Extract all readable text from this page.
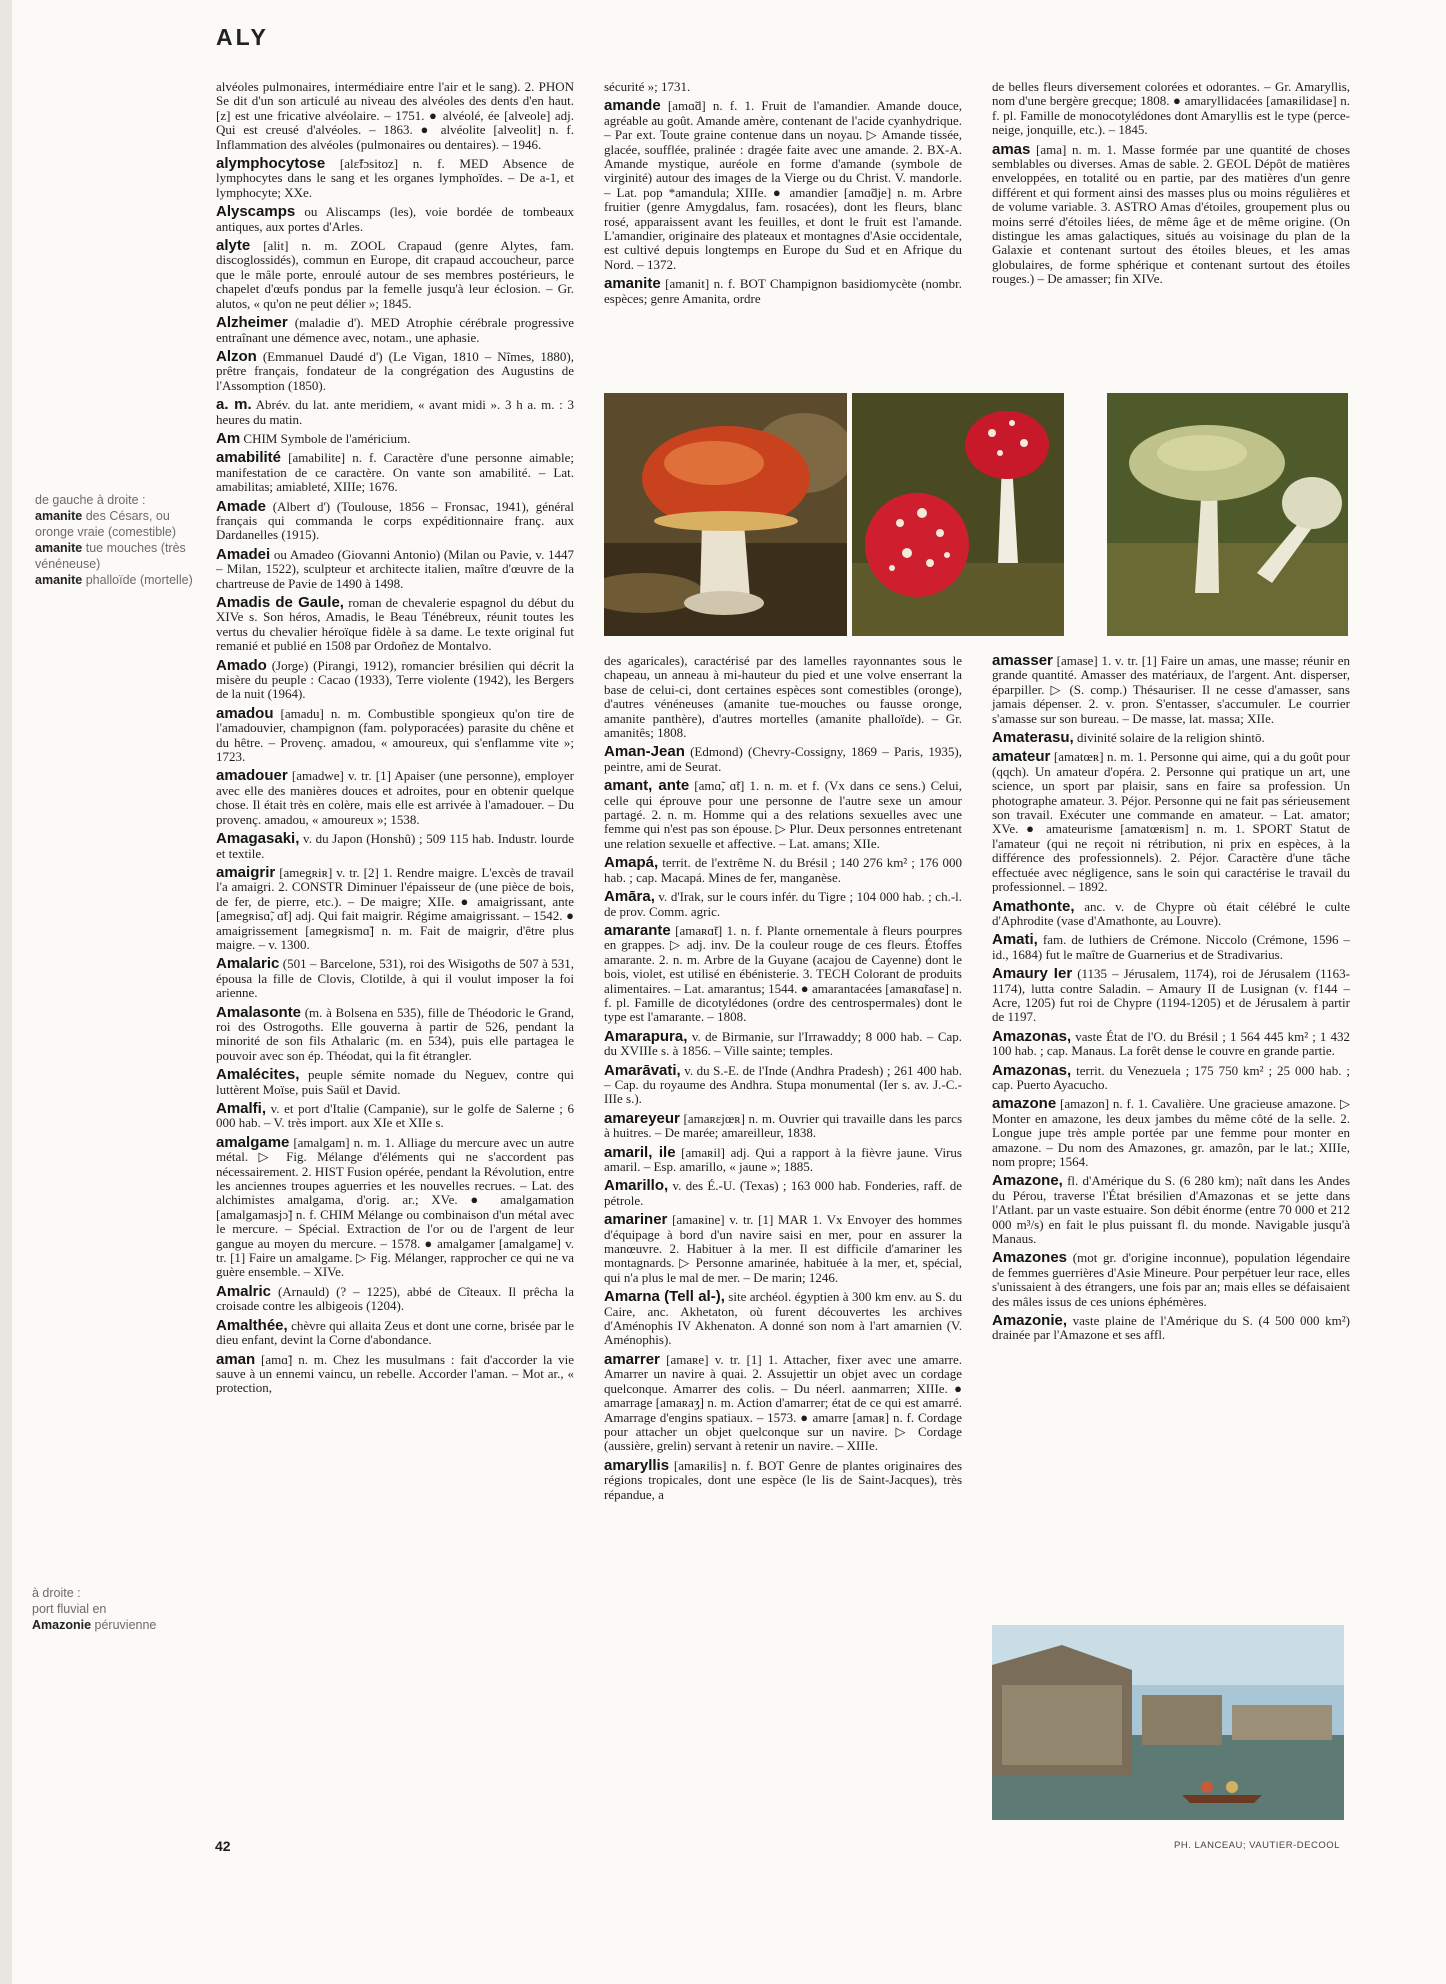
ALY
de gauche à droite :
amanite des Césars, ou oronge vraie (comestible)
amanite tue mouches (très vénéneuse)
amanite phalloïde (mortelle)
à droite :
port fluvial en
Amazonie péruvienne
alvéoles pulmonaires, intermédiaire entre l'air et le sang). 2. PHON Se dit d'un son articulé au niveau des alvéoles des dents d'en haut. [z] est une fricative alvéolaire. – 1751. ● alvéolé, ée [alveole] adj. Qui est creusé d'alvéoles. – 1863. ● alvéolite [alveolit] n. f. Inflammation des alvéoles (pulmonaires ou dentaires). – 1946.
alymphocytose [alɛ̃fɔsitoz] n. f. MED Absence de lymphocytes dans le sang et les organes lymphoïdes. – De a-1, et lymphocyte; XXe.
Alyscamps ou Aliscamps (les), voie bordée de tombeaux antiques, aux portes d'Arles.
alyte [alit] n. m. ZOOL Crapaud (genre Alytes, fam. discoglossidés), commun en Europe, dit crapaud accoucheur, parce que le mâle porte, enroulé autour de ses membres postérieurs, le chapelet d'œufs pondus par la femelle jusqu'à leur éclosion. – Gr. alutos, « qu'on ne peut délier »; 1845.
Alzheimer (maladie d'). MED Atrophie cérébrale progressive entraînant une démence avec, notam., une aphasie.
Alzon (Emmanuel Daudé d') (Le Vigan, 1810 – Nîmes, 1880), prêtre français, fondateur de la congrégation des Augustins de l'Assomption (1850).
a. m. Abrév. du lat. ante meridiem, « avant midi ». 3 h a. m. : 3 heures du matin.
Am CHIM Symbole de l'américium.
amabilité [amabilite] n. f. Caractère d'une personne aimable; manifestation de ce caractère. On vante son amabilité. – Lat. amabilitas; amiableté, XIIIe; 1676.
Amade (Albert d') (Toulouse, 1856 – Fronsac, 1941), général français qui commanda le corps expéditionnaire franç. aux Dardanelles (1915).
Amadei ou Amadeo (Giovanni Antonio) (Milan ou Pavie, v. 1447 – Milan, 1522), sculpteur et architecte italien, maître d'œuvre de la chartreuse de Pavie de 1490 à 1498.
Amadis de Gaule, roman de chevalerie espagnol du début du XIVe s. Son héros, Amadis, le Beau Ténébreux, réunit toutes les vertus du chevalier héroïque fidèle à sa dame. Le texte original fut remanié et publié en 1508 par Ordoñez de Montalvo.
Amado (Jorge) (Pirangi, 1912), romancier brésilien qui décrit la misère du peuple : Cacao (1933), Terre violente (1942), les Bergers de la nuit (1964).
amadou [amadu] n. m. Combustible spongieux qu'on tire de l'amadouvier, champignon (fam. polyporacées) parasite du chêne et du hêtre. – Provenç. amadou, « amoureux, qui s'enflamme vite »; 1723.
amadouer [amadwe] v. tr. [1] Apaiser (une personne), employer avec elle des manières douces et adroites, pour en obtenir quelque chose. Il était très en colère, mais elle est arrivée à l'amadouer. – Du provenç. amadou, « amoureux »; 1538.
Amagasaki, v. du Japon (Honshû) ; 509 115 hab. Industr. lourde et textile.
amaigrir [amegʀiʀ] v. tr. [2] 1. Rendre maigre. L'excès de travail l'a amaigri. 2. CONSTR Diminuer l'épaisseur de (une pièce de bois, de fer, de pierre, etc.). – De maigre; XIIe. ● amaigrissant, ante [amegʀisɑ̃, ɑ̃t] adj. Qui fait maigrir. Régime amaigrissant. – 1542. ● amaigrissement [amegʀismɑ̃] n. m. Fait de maigrir, d'être plus maigre. – v. 1300.
Amalaric (501 – Barcelone, 531), roi des Wisigoths de 507 à 531, épousa la fille de Clovis, Clotilde, à qui il voulut imposer la foi arienne.
Amalasonte (m. à Bolsena en 535), fille de Théodoric le Grand, roi des Ostrogoths. Elle gouverna à partir de 526, pendant la minorité de son fils Athalaric (m. en 534), puis elle partagea le pouvoir avec son ép. Théodat, qui la fit étrangler.
Amalécites, peuple sémite nomade du Neguev, contre qui luttèrent Moïse, puis Saül et David.
Amalfi, v. et port d'Italie (Campanie), sur le golfe de Salerne ; 6 000 hab. – V. très import. aux XIe et XIIe s.
amalgame [amalgam] n. m. 1. Alliage du mercure avec un autre métal. ▷ Fig. Mélange d'éléments qui ne s'accordent pas nécessairement. 2. HIST Fusion opérée, pendant la Révolution, entre les anciennes troupes aguerries et les nouvelles recrues. – Lat. des alchimistes amalgama, d'orig. ar.; XVe. ● amalgamation [amalgamasjɔ̃] n. f. CHIM Mélange ou combinaison d'un métal avec le mercure. – Spécial. Extraction de l'or ou de l'argent de leur gangue au moyen du mercure. – 1578. ● amalgamer [amalgame] v. tr. [1] Faire un amalgame. ▷ Fig. Mélanger, rapprocher ce qui ne va guère ensemble. – XIVe.
Amalric (Arnauld) (? – 1225), abbé de Cîteaux. Il prêcha la croisade contre les albigeois (1204).
Amalthée, chèvre qui allaita Zeus et dont une corne, brisée par le dieu enfant, devint la Corne d'abondance.
aman [amɑ̃] n. m. Chez les musulmans : fait d'accorder la vie sauve à un ennemi vaincu, un rebelle. Accorder l'aman. – Mot ar., « protection,
sécurité »; 1731.
amande [amɑ̃d] n. f. 1. Fruit de l'amandier. Amande douce, agréable au goût. Amande amère, contenant de l'acide cyanhydrique. – Par ext. Toute graine contenue dans un noyau. ▷ Amande tissée, glacée, soufflée, pralinée : dragée faite avec une amande. 2. BX-A. Amande mystique, auréole en forme d'amande (symbole de virginité) autour des images de la Vierge ou du Christ. V. mandorle. – Lat. pop *amandula; XIIIe. ● amandier [amɑ̃dje] n. m. Arbre fruitier (genre Amygdalus, fam. rosacées), dont les fleurs, blanc rosé, apparaissent avant les feuilles, et dont le fruit est l'amande. L'amandier, originaire des plateaux et montagnes d'Asie occidentale, est cultivé depuis longtemps en Europe du Sud et en Afrique du Nord. – 1372.
amanite [amanit] n. f. BOT Champignon basidiomycète (nombr. espèces; genre Amanita, ordre
de belles fleurs diversement colorées et odorantes. – Gr. Amaryllis, nom d'une bergère grecque; 1808. ● amaryllidacées [amaʀilidase] n. f. pl. Famille de monocotylédones dont Amaryllis est le type (perce-neige, jonquille, etc.). – 1845.
amas [ama] n. m. 1. Masse formée par une quantité de choses semblables ou diverses. Amas de sable. 2. GEOL Dépôt de matières enveloppées, en totalité ou en partie, par des matières d'un genre différent et qui forment ainsi des masses plus ou moins régulières et de volume variable. 3. ASTRO Amas d'étoiles, groupement plus ou moins serré d'étoiles liées, de même âge et de même origine. (On distingue les amas galactiques, situés au voisinage du plan de la Galaxie et contenant surtout des étoiles bleues, et les amas globulaires, de forme sphérique et contenant surtout des étoiles rouges.) – De amasser; fin XIVe.
des agaricales), caractérisé par des lamelles rayonnantes sous le chapeau, un anneau à mi-hauteur du pied et une volve enserrant la base de celui-ci, dont certaines espèces sont comestibles (oronge), d'autres vénéneuses (amanite tue-mouches ou fausse oronge, amanite panthère), d'autres mortelles (amanite phalloïde). – Gr. amanitês; 1808.
Aman-Jean (Edmond) (Chevry-Cossigny, 1869 – Paris, 1935), peintre, ami de Seurat.
amant, ante [amɑ̃, ɑ̃t] 1. n. m. et f. (Vx dans ce sens.) Celui, celle qui éprouve pour une personne de l'autre sexe un amour partagé. 2. n. m. Homme qui a des relations sexuelles avec une femme qui n'est pas son épouse. ▷ Plur. Deux personnes entretenant une relation sexuelle et affective. – Lat. amans; XIIe.
Amapá, territ. de l'extrême N. du Brésil ; 140 276 km² ; 176 000 hab. ; cap. Macapá. Mines de fer, manganèse.
Amāra, v. d'Irak, sur le cours infér. du Tigre ; 104 000 hab. ; ch.-l. de prov. Comm. agric.
amarante [amaʀɑ̃t] 1. n. f. Plante ornementale à fleurs pourpres en grappes. ▷ adj. inv. De la couleur rouge de ces fleurs. Étoffes amarante. 2. n. m. Arbre de la Guyane (acajou de Cayenne) dont le bois, violet, est utilisé en ébénisterie. 3. TECH Colorant de produits alimentaires. – Lat. amarantus; 1544. ● amarantacées [amaʀɑ̃tase] n. f. pl. Famille de dicotylédones (ordre des centrospermales) dont le type est l'amarante. – 1808.
Amarapura, v. de Birmanie, sur l'Irrawaddy; 8 000 hab. – Cap. du XVIIIe s. à 1856. – Ville sainte; temples.
Amarāvati, v. du S.-E. de l'Inde (Andhra Pradesh) ; 261 400 hab. – Cap. du royaume des Andhra. Stupa monumental (Ier s. av. J.-C.-IIIe s.).
amareyeur [amaʀɛjœʀ] n. m. Ouvrier qui travaille dans les parcs à huitres. – De marée; amareilleur, 1838.
amaril, ile [amaʀil] adj. Qui a rapport à la fièvre jaune. Virus amaril. – Esp. amarillo, « jaune »; 1885.
Amarillo, v. des É.-U. (Texas) ; 163 000 hab. Fonderies, raff. de pétrole.
amariner [amaʀine] v. tr. [1] MAR 1. Vx Envoyer des hommes d'équipage à bord d'un navire saisi en mer, pour en assurer la manœuvre. 2. Habituer à la mer. Il est difficile d'amariner les montagnards. ▷ Personne amarinée, habituée à la mer, et, spécial, qui n'a plus le mal de mer. – De marin; 1246.
Amarna (Tell al-), site archéol. égyptien à 300 km env. au S. du Caire, anc. Akhetaton, où furent découvertes les archives d'Aménophis IV Akhenaton. A donné son nom à l'art amarnien (V. Aménophis).
amarrer [amaʀe] v. tr. [1] 1. Attacher, fixer avec une amarre. Amarrer un navire à quai. 2. Assujettir un objet avec un cordage quelconque. Amarrer des colis. – Du néerl. aanmarren; XIIIe. ● amarrage [amaʀaʒ] n. m. Action d'amarrer; état de ce qui est amarré. Amarrage d'engins spatiaux. – 1573. ● amarre [amaʀ] n. f. Cordage pour attacher un objet quelconque sur un navire. ▷ Cordage (aussière, grelin) servant à retenir un navire. – XIIIe.
amaryllis [amaʀilis] n. f. BOT Genre de plantes originaires des régions tropicales, dont une espèce (le lis de Saint-Jacques), très répandue, a
amasser [amase] 1. v. tr. [1] Faire un amas, une masse; réunir en grande quantité. Amasser des matériaux, de l'argent. Ant. disperser, éparpiller. ▷ (S. comp.) Thésauriser. Il ne cesse d'amasser, sans jamais dépenser. 2. v. pron. S'entasser, s'accumuler. Le courrier s'amasse sur son bureau. – De masse, lat. massa; XIIe.
Amaterasu, divinité solaire de la religion shintō.
amateur [amatœʀ] n. m. 1. Personne qui aime, qui a du goût pour (qqch). Un amateur d'opéra. 2. Personne qui pratique un art, une science, un sport par plaisir, sans en faire sa profession. Un photographe amateur. 3. Péjor. Personne qui ne fait pas sérieusement son travail. Exécuter une commande en amateur. – Lat. amator; XVe. ● amateurisme [amatœʀism] n. m. 1. SPORT Statut de l'amateur (qui ne reçoit ni rétribution, ni prix en espèces, à la différence des professionnels). 2. Péjor. Caractère d'une tâche effectuée avec négligence, sans le soin qui caractérise le travail du professionnel. – 1892.
Amathonte, anc. v. de Chypre où était célébré le culte d'Aphrodite (vase d'Amathonte, au Louvre).
Amati, fam. de luthiers de Crémone. Niccolo (Crémone, 1596 – id., 1684) fut le maître de Guarnerius et de Stradivarius.
Amaury Ier (1135 – Jérusalem, 1174), roi de Jérusalem (1163-1174), lutta contre Saladin. – Amaury II de Lusignan (v. f144 – Acre, 1205) fut roi de Chypre (1194-1205) et de Jérusalem à partir de 1197.
Amazonas, vaste État de l'O. du Brésil ; 1 564 445 km² ; 1 432 100 hab. ; cap. Manaus. La forêt dense le couvre en grande partie.
Amazonas, territ. du Venezuela ; 175 750 km² ; 25 000 hab. ; cap. Puerto Ayacucho.
amazone [amazon] n. f. 1. Cavalière. Une gracieuse amazone. ▷ Monter en amazone, les deux jambes du même côté de la selle. 2. Longue jupe très ample portée par une femme pour monter en amazone. – Du nom des Amazones, gr. amazôn, par le lat.; XIIIe, nom propre; 1564.
Amazone, fl. d'Amérique du S. (6 280 km); naît dans les Andes du Pérou, traverse l'État brésilien d'Amazonas et se jette dans l'Atlant. par un vaste estuaire. Son débit énorme (entre 70 000 et 212 000 m³/s) en fait le plus puissant fl. du monde. Navigable jusqu'à Manaus.
Amazones (mot gr. d'origine inconnue), population légendaire de femmes guerrières d'Asie Mineure. Pour perpétuer leur race, elles s'unissaient à des étrangers, une fois par an; mais elles se défaisaient des mâles issus de ces unions éphémères.
Amazonie, vaste plaine de l'Amérique du S. (4 500 000 km²) drainée par l'Amazone et ses affl.
42	PH. LANCEAU; VAUTIER-DECOOL
